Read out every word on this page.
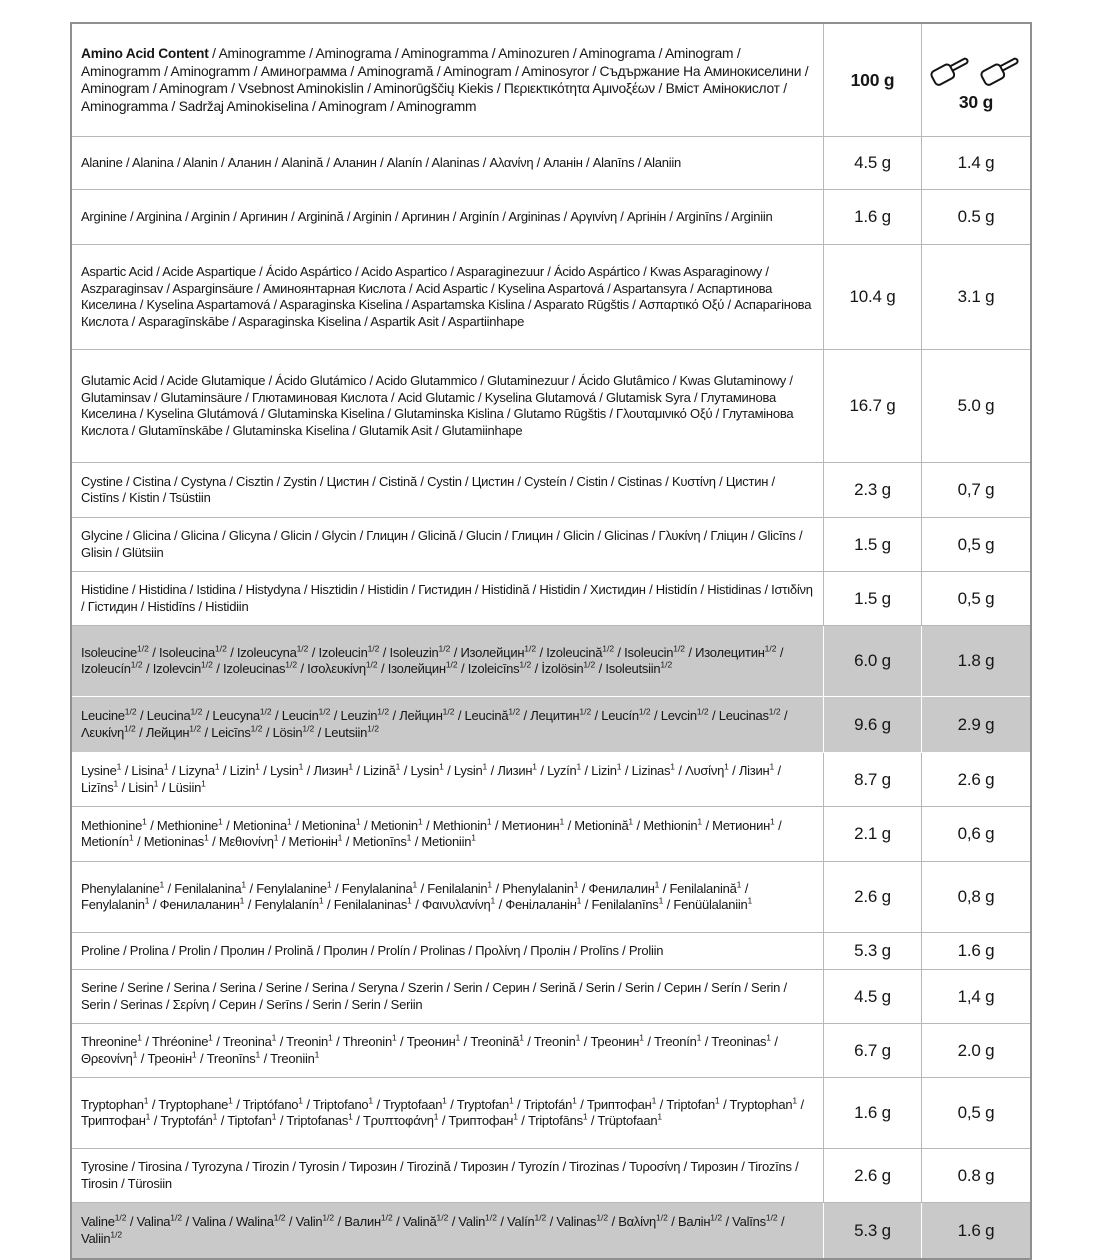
Amino Acid Content / Aminogramme / Aminograma / Aminogramma / Aminozuren / Aminograma / Aminogram / Aminogramm / Aminogramm / Аминограмма / Aminogramă / Aminogram / Aminosyror / Съдържание На Аминокиселини / Aminogram / Aminogram / Vsebnost Aminokislin / Aminorūgščių Kiekis / Περιεκτικότητα Αμινοξέων / Вміст Амінокислот / Aminogramma / Sadržaj Aminokiselina / Aminogram / Aminogramm	100 g	30 g
Alanine / Alanina / Alanin / Аланин / Alanină / Аланин / Alanín / Alaninas / Αλανίνη / Аланін / Alanīns / Alaniin	4.5 g	1.4 g
Arginine / Arginina / Arginin / Аргинин / Arginină / Arginin / Аргинин / Arginín / Argininas / Αργινίνη / Аргінін / Arginīns / Arginiin	1.6 g	0.5 g
Aspartic Acid / Acide Aspartique / Ácido Aspártico / Acido Aspartico / Asparaginezuur / Ácido Aspártico / Kwas Asparaginowy / Aszparaginsav / Asparginsäure / Аминоянтарная Кислота / Acid Aspartic / Kyselina Aspartová / Aspartansyra / Аспартинова Киселина / Kyselina Aspartamová / Asparaginska Kiselina / Aspartamska Kislina / Asparato Rūgštis / Ασπαρτικό Οξύ / Аспарагінова Кислота / Asparagīnskābe / Asparaginska Kiselina / Aspartik Asit / Aspartiinhape	10.4 g	3.1 g
Glutamic Acid / Acide Glutamique / Ácido Glutámico / Acido Glutammico / Glutaminezuur / Ácido Glutâmico / Kwas Glutaminowy / Glutaminsav / Glutaminsäure / Глютаминовая Кислота / Acid Glutamic / Kyselina Glutamová / Glutamisk Syra / Глутаминова Киселина / Kyselina Glutámová / Glutaminska Kiselina / Glutaminska Kislina / Glutamo Rūgštis / Γλουταμινικό Οξύ / Глутамінова Кислота / Glutamīnskābe / Glutaminska Kiselina / Glutamik Asit / Glutamiinhape	16.7 g	5.0 g
Cystine / Cistina / Cystyna / Cisztin / Zystin / Цистин / Cistină / Cystin / Цистин / Cysteín / Cistin / Cistinas / Κυστίνη / Цистин / Cistīns / Kistin / Tsüstiin	2.3 g	0,7 g
Glycine / Glicina / Glicina / Glicyna / Glicin / Glycin / Глицин / Glicină / Glucin / Глицин / Glicin / Glicinas / Γλυκίνη / Гліцин / Glicīns / Glisin / Glütsiin	1.5 g	0,5 g
Histidine / Histidina / Istidina / Histydyna / Hisztidin / Histidin / Гистидин / Histidină / Histidin / Хистидин / Histidín / Histidinas / Ιστιδίνη / Гістидин / Histidīns / Histidiin	1.5 g	0,5 g
Isoleucine$^{1/2}$ / Isoleucina$^{1/2}$ / Izoleucyna$^{1/2}$ / Izoleucin$^{1/2}$ / Isoleuzin$^{1/2}$ / Изолейцин$^{1/2}$ / Izoleucină$^{1/2}$ / Isoleucin$^{1/2}$ / Изолецитин$^{1/2}$ / Izoleucín$^{1/2}$ / Izolevcin$^{1/2}$ / Izoleucinas$^{1/2}$ / Ισολευκίνη$^{1/2}$ / Ізолейцин$^{1/2}$ / Izoleicīns$^{1/2}$ / İzolösin$^{1/2}$ / Isoleutsiin$^{1/2}$	6.0 g	1.8 g
Leucine$^{1/2}$ / Leucina$^{1/2}$ / Leucyna$^{1/2}$ / Leucin$^{1/2}$ / Leuzin$^{1/2}$ / Лейцин$^{1/2}$ / Leucină$^{1/2}$ / Лецитин$^{1/2}$ / Leucín$^{1/2}$ / Levcin$^{1/2}$ / Leucinas$^{1/2}$ / Λευκίνη$^{1/2}$ / Лейцин$^{1/2}$ / Leicīns$^{1/2}$ / Lösin$^{1/2}$ / Leutsiin$^{1/2}$	9.6 g	2.9 g
Lysine$^1$ / Lisina$^1$ / Lizyna$^1$ / Lizin$^1$ / Lysin$^1$ / Лизин$^1$ / Lizină$^1$ / Lysin$^1$ / Lysin$^1$ / Лизин$^1$ / Lyzín$^1$ / Lizin$^1$ / Lizinas$^1$ / Λυσίνη$^1$ / Лізин$^1$ / Lizīns$^1$ / Lisin$^1$ / Lüsiin$^1$	8.7 g	2.6 g
Methionine$^1$ / Methionine$^1$ / Metionina$^1$ / Metionina$^1$ / Metionin$^1$ / Methionin$^1$ / Метионин$^1$ / Metionină$^1$ / Methionin$^1$ / Метионин$^1$ / Metionín$^1$ / Metioninas$^1$ / Μεθιονίνη$^1$ / Метіонін$^1$ / Metionīns$^1$ / Metioniin$^1$	2.1 g	0,6 g
Phenylalanine$^1$ / Fenilalanina$^1$ / Fenylalanine$^1$ / Fenylalanina$^1$ / Fenilalanin$^1$ / Phenylalanin$^1$ / Фенилалин$^1$ / Fenilalanină$^1$ / Fenylalanin$^1$ / Фенилаланин$^1$ / Fenylalanín$^1$ / Fenilalaninas$^1$ / Φαινυλανίνη$^1$ / Фенілаланін$^1$ / Fenilalanīns$^1$ / Fenüülalaniin$^1$	2.6 g	0,8 g
Proline / Prolina / Prolin / Пролин / Prolină / Пролин / Prolín / Prolinas / Προλίνη / Пролін / Prolīns / Proliin	5.3 g	1.6 g
Serine / Serine / Serina / Serina / Serine / Serina / Seryna / Szerin / Serin / Серин / Serină / Serin / Serin / Серин / Serín / Serin / Serin / Serinas / Σερίνη / Серин / Serīns / Serin / Serin / Seriin	4.5 g	1,4 g
Threonine$^1$ / Thréonine$^1$ / Treonina$^1$ / Treonin$^1$ / Threonin$^1$ / Треонин$^1$ / Treonină$^1$ / Treonin$^1$ / Треонин$^1$ / Treonín$^1$ / Treoninas$^1$ / Θρεονίνη$^1$ / Треонін$^1$ / Treonīns$^1$ / Treoniin$^1$	6.7 g	2.0 g
Tryptophan$^1$ / Tryptophane$^1$ / Triptófano$^1$ / Triptofano$^1$ / Tryptofaan$^1$ / Tryptofan$^1$ / Triptofán$^1$ / Триптофан$^1$ / Triptofan$^1$ / Tryptophan$^1$ / Триптофан$^1$ / Tryptofán$^1$ / Tiptofan$^1$ / Triptofanas$^1$ / Τρυπτοφάνη$^1$ / Триптофан$^1$ / Triptofāns$^1$ / Trüptofaan$^1$	1.6 g	0,5 g
Tyrosine / Tirosina / Tyrozyna / Tirozin / Tyrosin / Тирозин / Tirozină / Тирозин / Tyrozín / Tirozinas / Τυροσίνη / Тирозин / Tirozīns / Tirosin / Türosiin	2.6 g	0.8 g
Valine$^{1/2}$ / Valina$^{1/2}$ / Valina / Walina$^{1/2}$ / Valin$^{1/2}$ / Валин$^{1/2}$ / Valină$^{1/2}$ / Valin$^{1/2}$ / Valín$^{1/2}$ / Valinas$^{1/2}$ / Βαλίνη$^{1/2}$ / Валін$^{1/2}$ / Valīns$^{1/2}$ / Valiin$^{1/2}$	5.3 g	1.6 g
